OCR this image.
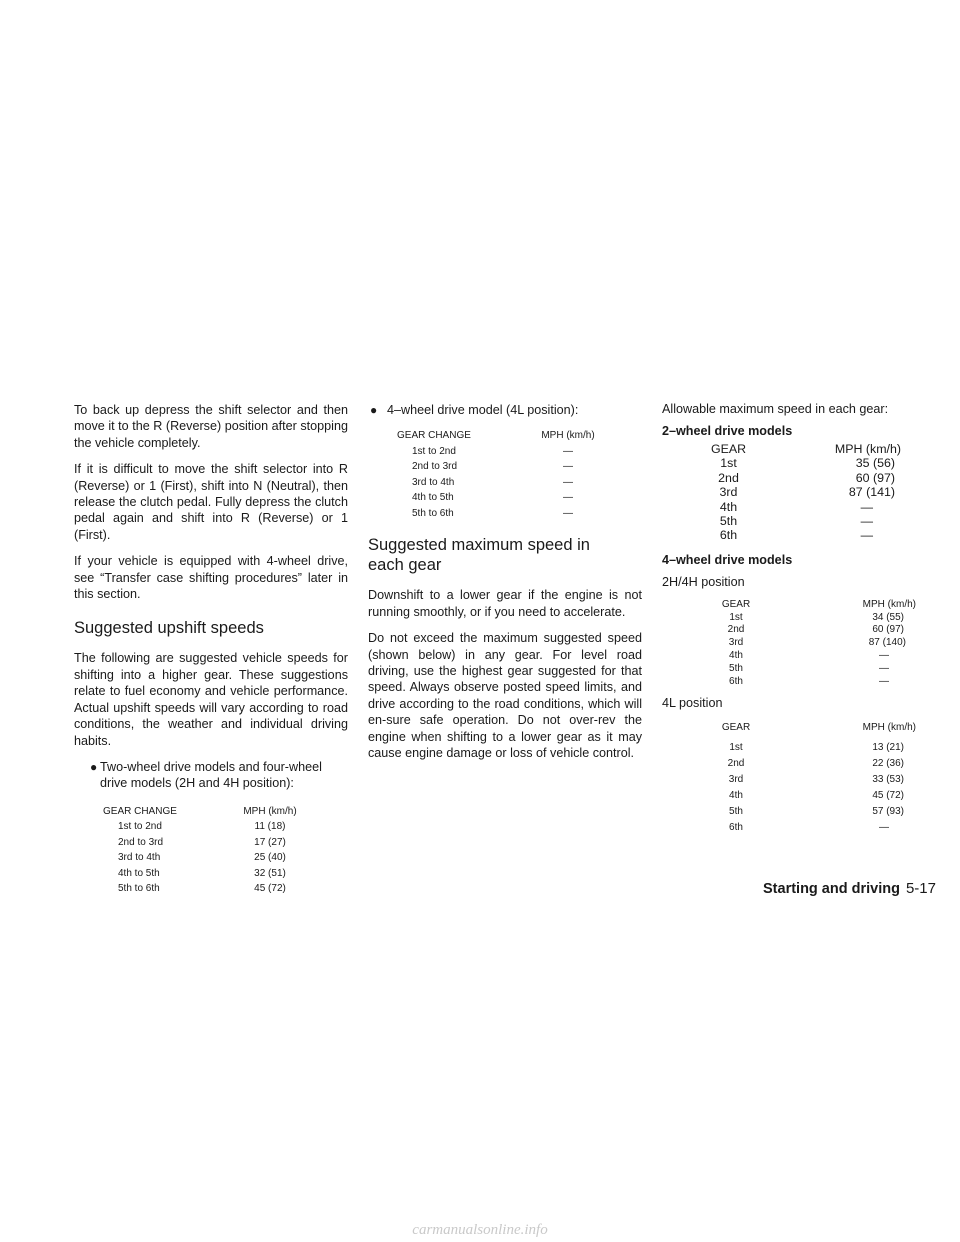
To back up depress the shift selector and then move it to the R (Reverse) position after stopping the vehicle completely.

If it is difficult to move the shift selector into R (Reverse) or 1 (First), shift into N (Neutral), then release the clutch pedal. Fully depress the clutch pedal again and shift into R (Reverse) or 1 (First).

If your vehicle is equipped with 4-wheel drive, see “Transfer case shifting procedures” later in this section.

Suggested upshift speeds

The following are suggested vehicle speeds for shifting into a higher gear. These suggestions relate to fuel economy and vehicle performance. Actual upshift speeds will vary according to road conditions, the weather and individual driving habits.

● Two-wheel drive models and four-wheel drive models (2H and 4H position):
GEAR CHANGE	MPH (km/h)
1st to 2nd	11 (18)
2nd to 3rd	17 (27)
3rd to 4th	25 (40)
4th to 5th	32 (51)
5th to 6th	45 (72)
● 4–wheel drive model (4L position):
GEAR CHANGE	MPH (km/h)
1st to 2nd	—
2nd to 3rd	—
3rd to 4th	—
4th to 5th	—
5th to 6th	—
Suggested maximum speed in each gear

Downshift to a lower gear if the engine is not running smoothly, or if you need to accelerate.

Do not exceed the maximum suggested speed (shown below) in any gear. For level road driving, use the highest gear suggested for that speed. Always observe posted speed limits, and drive according to the road conditions, which will en-sure safe operation. Do not over-rev the engine when shifting to a lower gear as it may cause engine damage or loss of vehicle control.

Allowable maximum speed in each gear:

2–wheel drive models

GEAR	MPH (km/h)
1st	35 (56)
2nd	60 (97)
3rd	87 (141)
4th	—
5th	—
6th	—

4–wheel drive models

2H/4H position

GEAR	MPH (km/h)
1st	34 (55)
2nd	60 (97)
3rd	87 (140)
4th	—
5th	—
6th	—

4L position

GEAR	MPH (km/h)
1st	13 (21)
2nd	22 (36)
3rd	33 (53)
4th	45 (72)
5th	57 (93)
6th	—
Starting and driving 5-17
carmanualsonline.info
